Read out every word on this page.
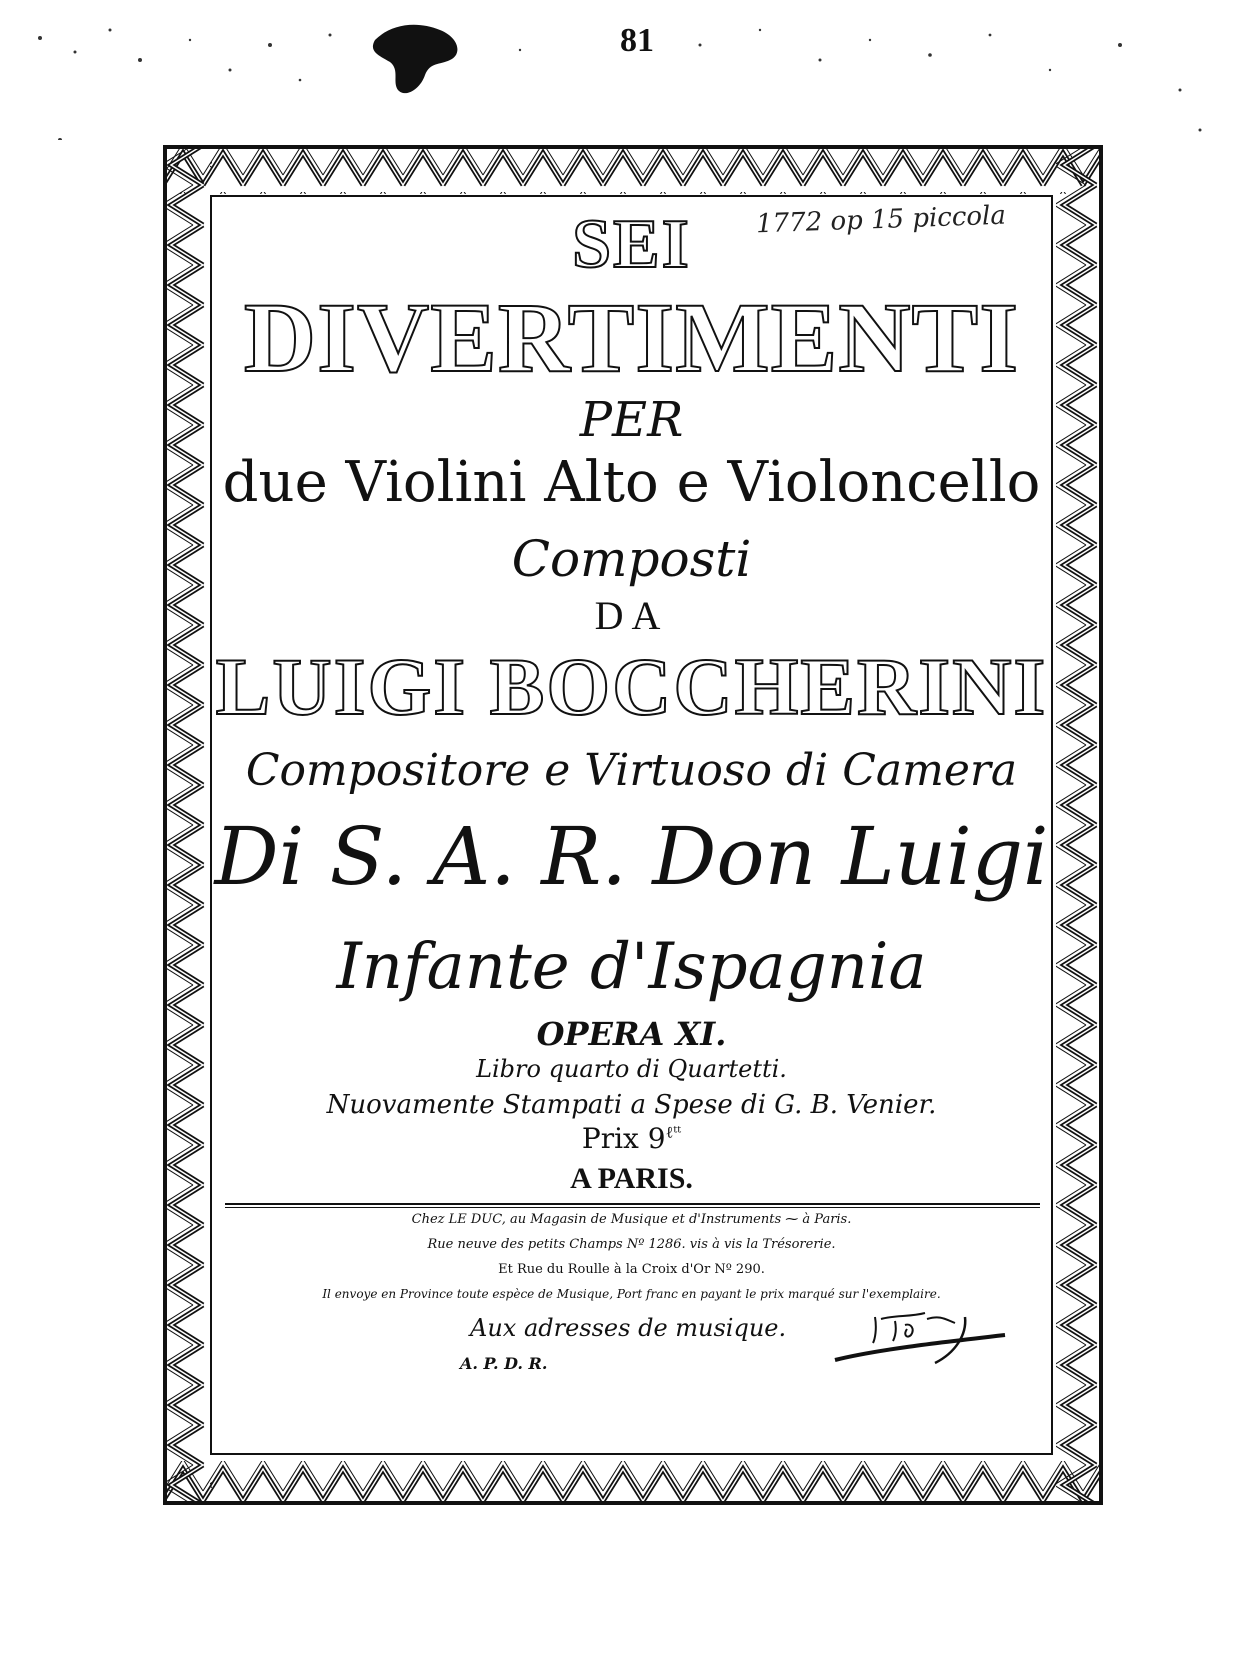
81
1772 op 15 piccola
SEI
DIVERTIMENTI
PER
due Violini Alto e Violoncello
Composti
DA
LUIGI BOCCHERINI
Compositore e Virtuoso di Camera
Di S. A. R. Don Luigi
Infante d'Ispagnia
OPERA XI.
Libro quarto di Quartetti.
Nuovamente Stampati a Spese di G. B. Venier.
Prix $9^{\ell ᵗᵗ}$
A PARIS.
Chez LE DUC, au Magasin de Musique et d'Instruments ⁓ à Paris.
Rue neuve des petits Champs Nº 1286. vis à vis la Trésorerie.
Et Rue du Roulle à la Croix d'Or Nº 290.
Il envoye en Province toute espèce de Musique, Port franc en payant le prix marqué sur l'exemplaire.
Aux adresses de musique.
A. P. D. R.
